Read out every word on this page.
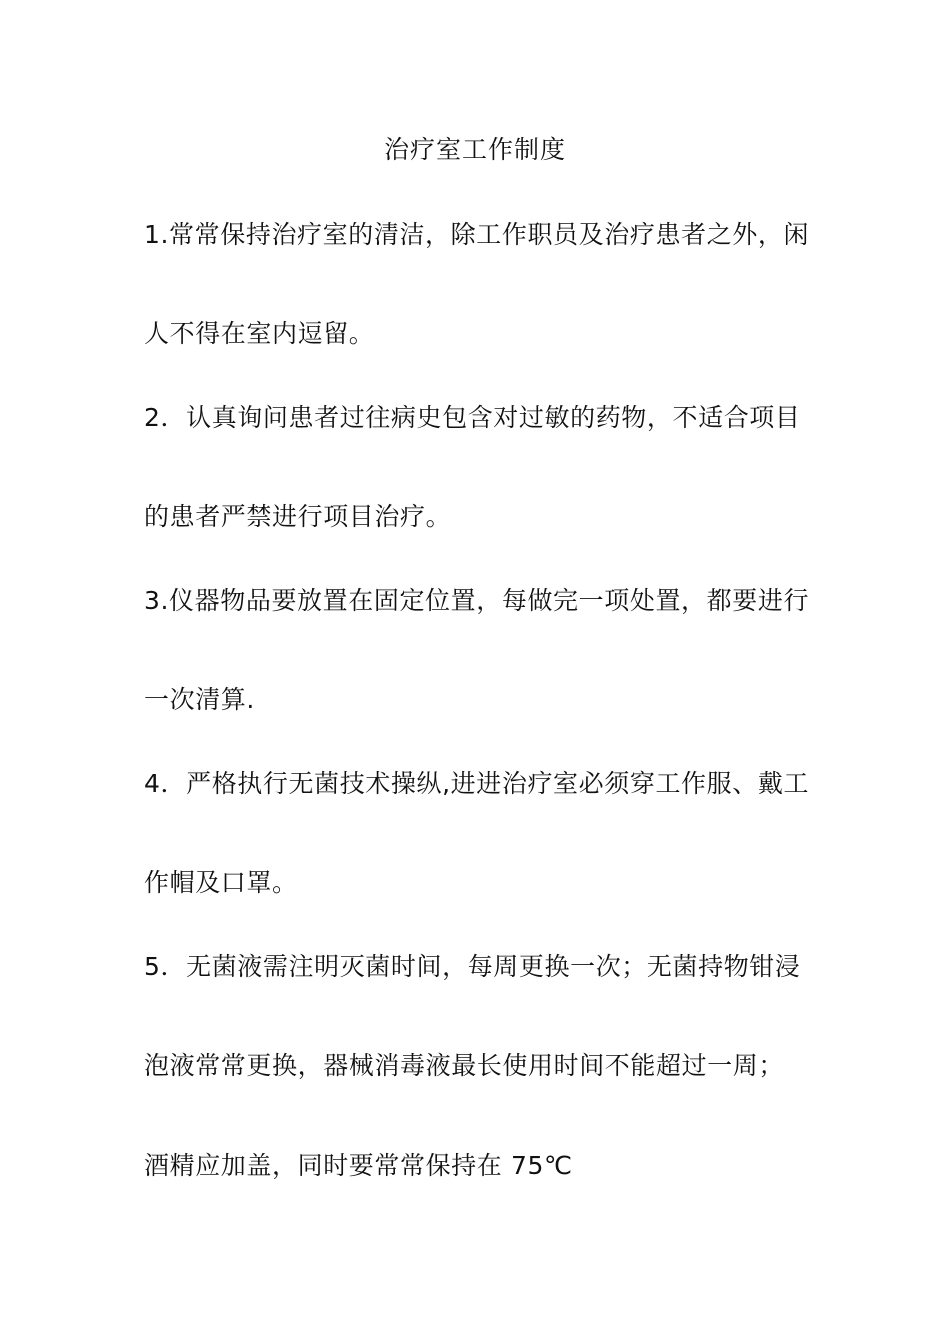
治疗室工作制度
1.常常保持治疗室的清洁，除工作职员及治疗患者之外，闲
人不得在室内逗留。
2．认真询问患者过往病史包含对过敏的药物，不适合项目
的患者严禁进行项目治疗。
3.仪器物品要放置在固定位置，每做完一项处置，都要进行
一次清算.
4．严格执行无菌技术操纵,进进治疗室必须穿工作服、戴工
作帽及口罩。
5．无菌液需注明灭菌时间，每周更换一次；无菌持物钳浸
泡液常常更换，器械消毒液最长使用时间不能超过一周；
酒精应加盖，同时要常常保持在 75℃
